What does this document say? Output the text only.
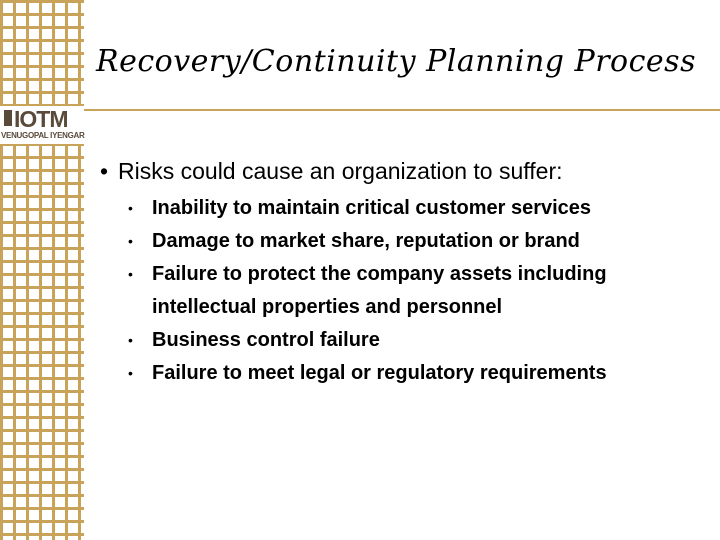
IOTM
VENUGOPAL IYENGAR
Recovery/Continuity Planning Process
• Risks could cause an organization to suffer:
• Inability to maintain critical customer services
• Damage to market share, reputation or brand
• Failure to protect the company assets including intellectual properties and personnel
• Business control failure
• Failure to meet legal or regulatory requirements
